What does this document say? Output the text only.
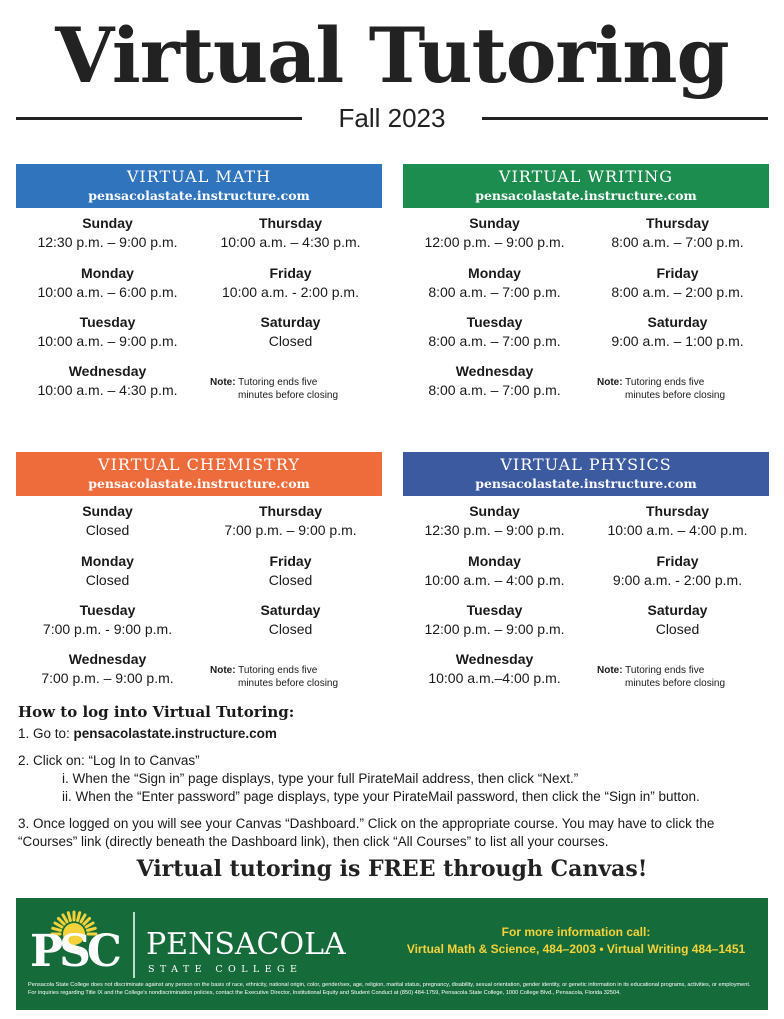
Virtual Tutoring
Fall 2023
VIRTUAL MATH
pensacolastate.instructure.com
Sunday
12:30 p.m. – 9:00 p.m.
Monday
10:00 a.m. – 6:00 p.m.
Tuesday
10:00 a.m. – 9:00 p.m.
Wednesday
10:00 a.m. – 4:30 p.m.
Thursday
10:00 a.m. – 4:30 p.m.
Friday
10:00 a.m. - 2:00 p.m.
Saturday
Closed
Note: Tutoring ends five
minutes before closing
VIRTUAL WRITING
pensacolastate.instructure.com
Sunday
12:00 p.m. – 9:00 p.m.
Monday
8:00 a.m. – 7:00 p.m.
Tuesday
8:00 a.m. – 7:00 p.m.
Wednesday
8:00 a.m. – 7:00 p.m.
Thursday
8:00 a.m. – 7:00 p.m.
Friday
8:00 a.m. – 2:00 p.m.
Saturday
9:00 a.m. – 1:00 p.m.
Note: Tutoring ends five
minutes before closing
VIRTUAL CHEMISTRY
pensacolastate.instructure.com
Sunday
Closed
Monday
Closed
Tuesday
7:00 p.m. - 9:00 p.m.
Wednesday
7:00 p.m. – 9:00 p.m.
Thursday
7:00 p.m. – 9:00 p.m.
Friday
Closed
Saturday
Closed
Note: Tutoring ends five
minutes before closing
VIRTUAL PHYSICS
pensacolastate.instructure.com
Sunday
12:30 p.m. – 9:00 p.m.
Monday
10:00 a.m. – 4:00 p.m.
Tuesday
12:00 p.m. – 9:00 p.m.
Wednesday
10:00 a.m.–4:00 p.m.
Thursday
10:00 a.m. – 4:00 p.m.
Friday
9:00 a.m. - 2:00 p.m.
Saturday
Closed
Note: Tutoring ends five
minutes before closing
How to log into Virtual Tutoring:
1. Go to: pensacolastate.instructure.com
2. Click on: “Log In to Canvas”
i. When the “Sign in” page displays, type your full PirateMail address, then click “Next.”
ii. When the “Enter password” page displays, type your PirateMail password, then click the “Sign in” button.
3. Once logged on you will see your Canvas “Dashboard.” Click on the appropriate course. You may have to click the “Courses” link (directly beneath the Dashboard link), then click “All Courses” to list all your courses.
Virtual tutoring is FREE through Canvas!
PSC PENSACOLA
STATE COLLEGE
For more information call:
Virtual Math & Science, 484–2003 • Virtual Writing 484–1451
Pensacola State College does not discriminate against any person on the basis of race, ethnicity, national origin, color, gender/sex, age, religion, marital status, pregnancy, disability, sexual orientation, gender identity, or genetic information in its educational programs, activities, or employment. For inquiries regarding Title IX and the College's nondiscrimination policies, contact the Executive Director, Institutional Equity and Student Conduct at (850) 484-1759, Pensacola State College, 1000 College Blvd., Pensacola, Florida 32504.
